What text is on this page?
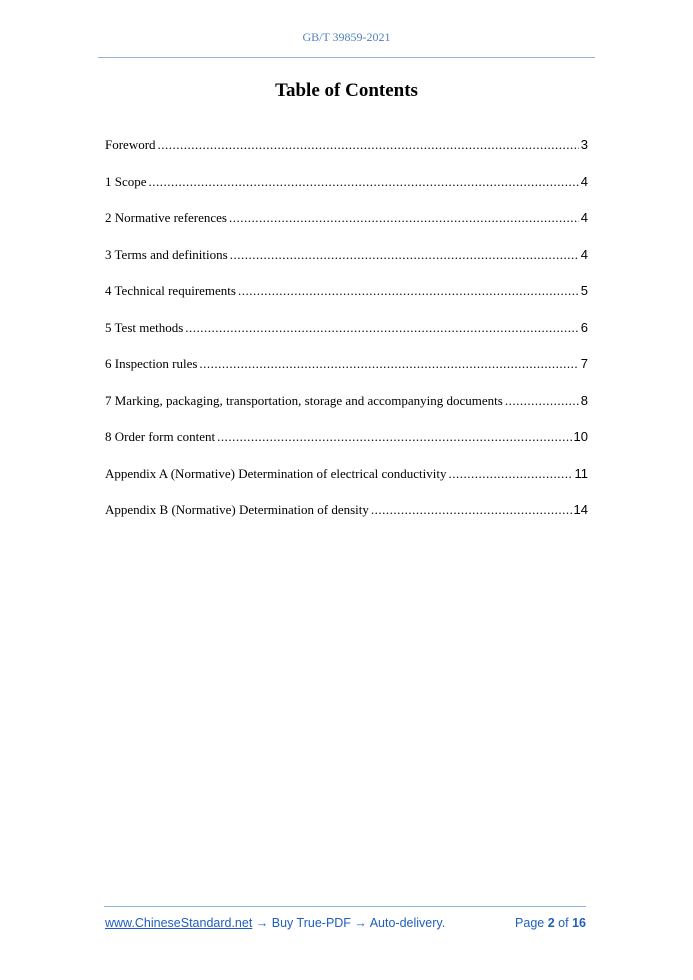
GB/T 39859-2021
Table of Contents
Foreword .....	3
1 Scope .....	4
2 Normative references .....	4
3 Terms and definitions .....	4
4 Technical requirements .....	5
5 Test methods .....	6
6 Inspection rules .....	7
7 Marking, packaging, transportation, storage and accompanying documents .....	8
8 Order form content .....	10
Appendix A (Normative) Determination of electrical conductivity .....	11
Appendix B (Normative) Determination of density .....	14
www.ChineseStandard.net → Buy True-PDF → Auto-delivery.	Page 2 of 16
